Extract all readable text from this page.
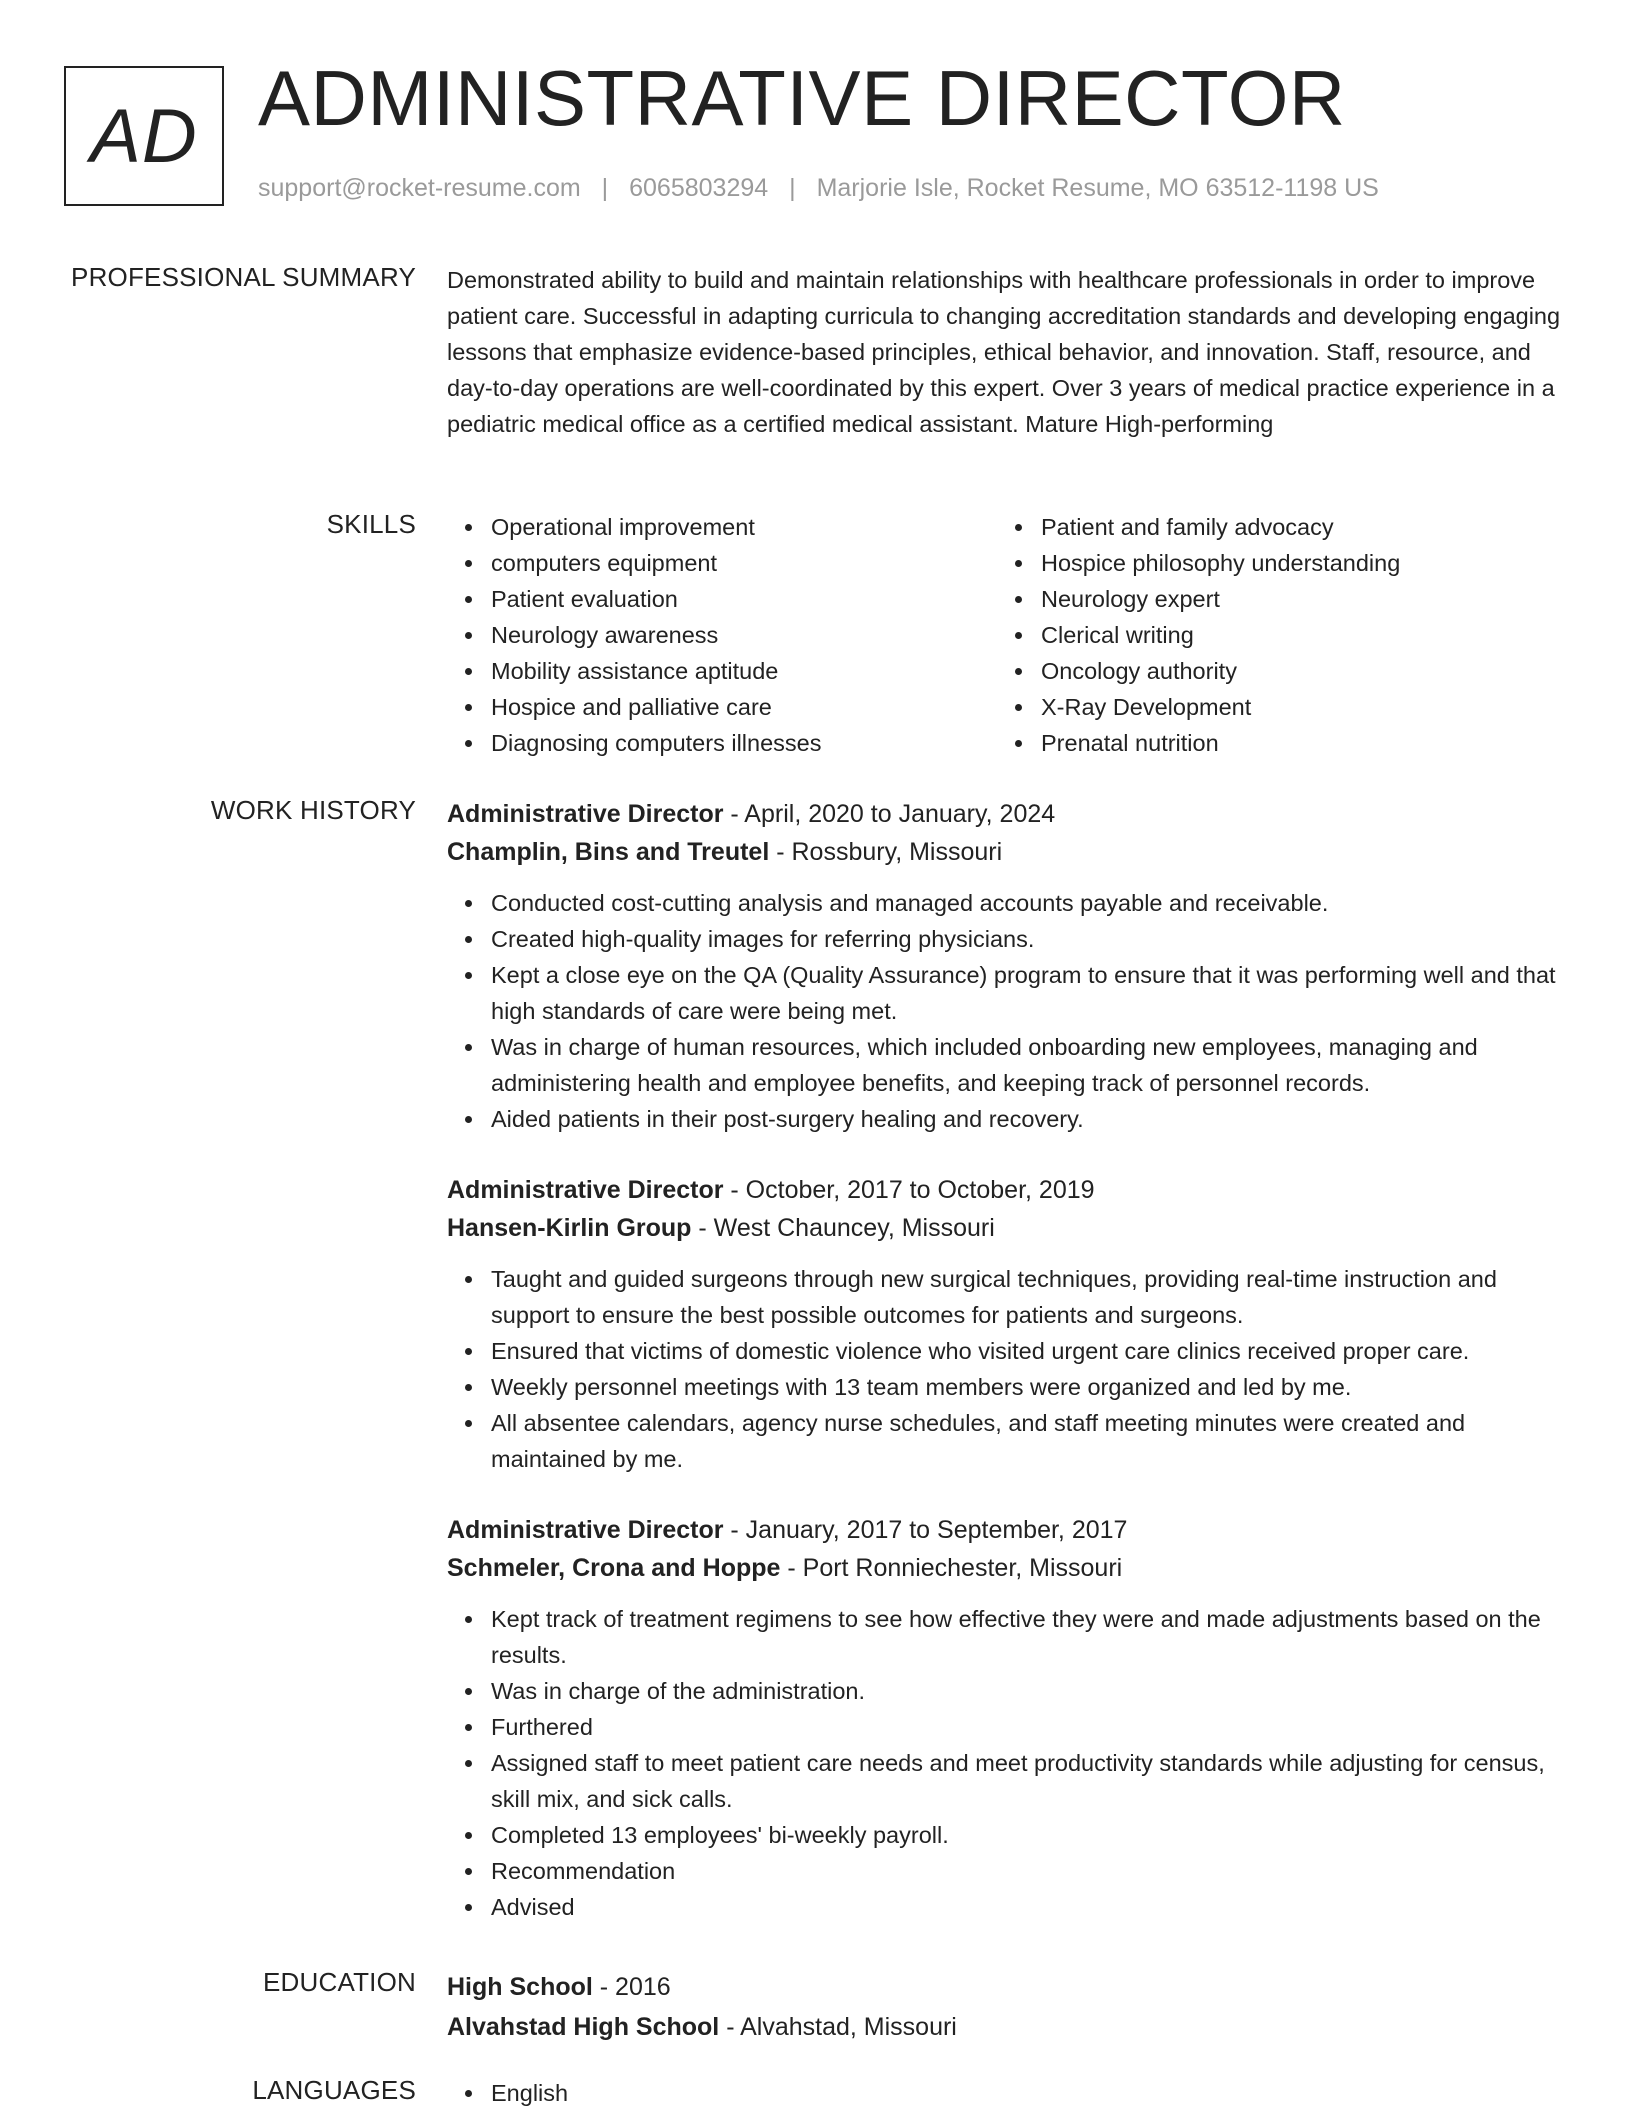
AD ADMINISTRATIVE DIRECTOR
support@rocket-resume.com | 6065803294 | Marjorie Isle, Rocket Resume, MO 63512-1198 US
PROFESSIONAL SUMMARY Demonstrated ability to build and maintain relationships with healthcare professionals in order to improve patient care. Successful in adapting curricula to changing accreditation standards and developing engaging lessons that emphasize evidence-based principles, ethical behavior, and innovation. Staff, resource, and day-to-day operations are well-coordinated by this expert. Over 3 years of medical practice experience in a pediatric medical office as a certified medical assistant. Mature High-performing

SKILLS	Operational improvement
computers equipment
Patient evaluation
Neurology awareness
Mobility assistance aptitude
Hospice and palliative care
Diagnosing computers illnesses
Patient and family advocacy
Hospice philosophy understanding
Neurology expert
Clerical writing
Oncology authority
X-Ray Development
Prenatal nutrition
WORK HISTORY Administrative Director - April, 2020 to January, 2024
Champlin, Bins and Treutel - Rossbury, Missouri
Conducted cost-cutting analysis and managed accounts payable and receivable.
Created high-quality images for referring physicians.
Kept a close eye on the QA (Quality Assurance) program to ensure that it was performing well and that high standards of care were being met.
Was in charge of human resources, which included onboarding new employees, managing and administering health and employee benefits, and keeping track of personnel records.
Aided patients in their post-surgery healing and recovery.
Administrative Director - October, 2017 to October, 2019
Hansen-Kirlin Group - West Chauncey, Missouri
Taught and guided surgeons through new surgical techniques, providing real-time instruction and support to ensure the best possible outcomes for patients and surgeons.
Ensured that victims of domestic violence who visited urgent care clinics received proper care.
Weekly personnel meetings with 13 team members were organized and led by me.
All absentee calendars, agency nurse schedules, and staff meeting minutes were created and maintained by me.
Administrative Director - January, 2017 to September, 2017
Schmeler, Crona and Hoppe - Port Ronniechester, Missouri
Kept track of treatment regimens to see how effective they were and made adjustments based on the results.
Was in charge of the administration.
Furthered
Assigned staff to meet patient care needs and meet productivity standards while adjusting for census, skill mix, and sick calls.
Completed 13 employees' bi-weekly payroll.
Recommendation
Advised
EDUCATION High School - 2016
Alvahstad High School - Alvahstad, Missouri
LANGUAGES	English
